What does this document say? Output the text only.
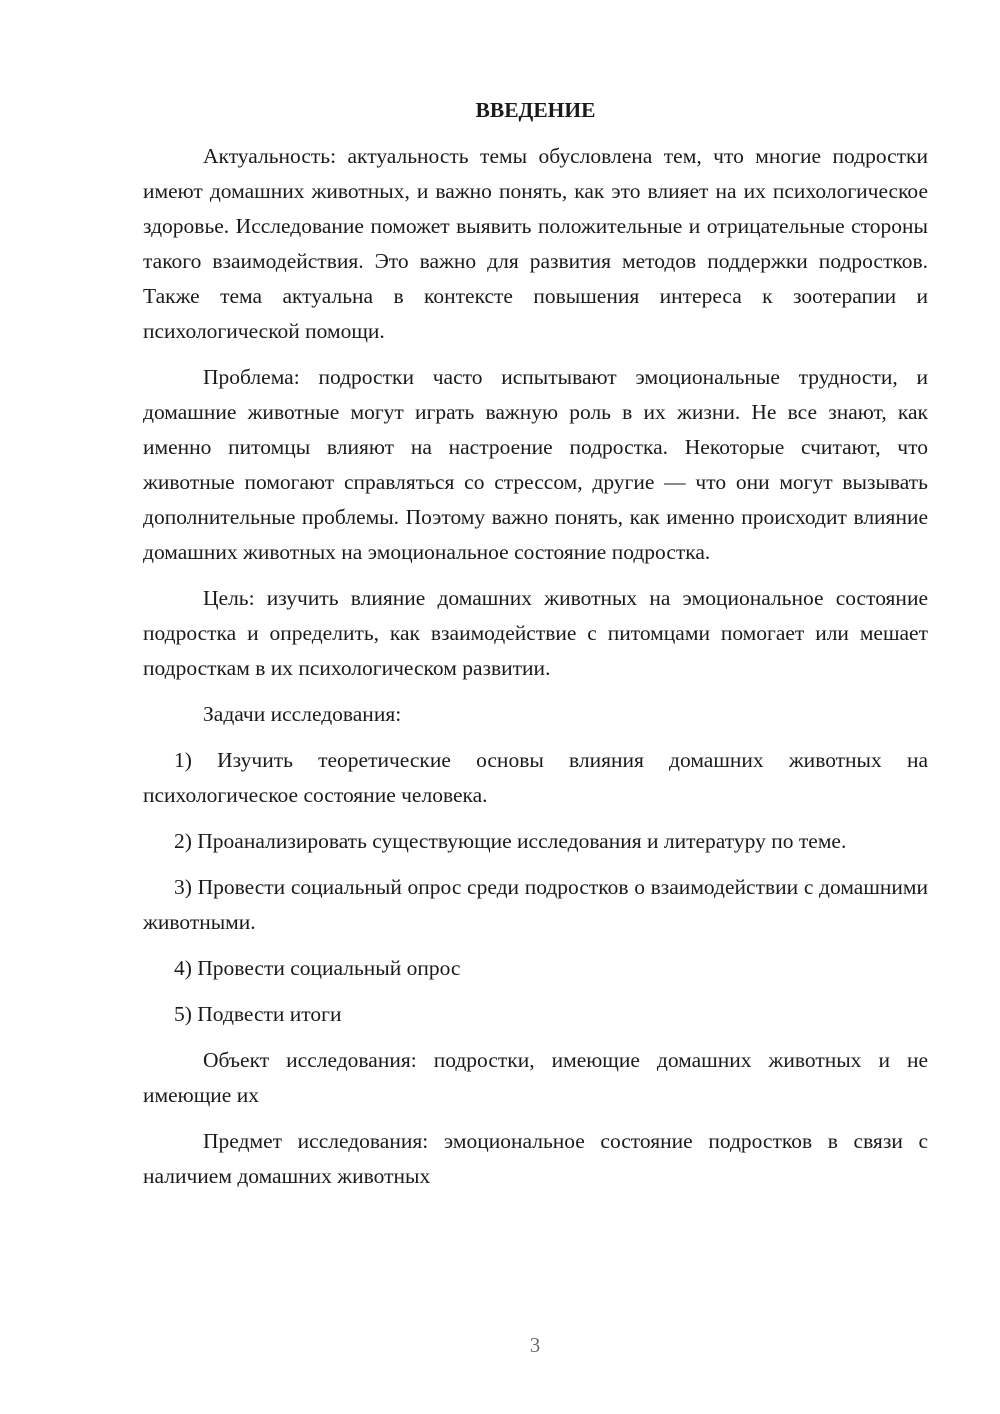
ВВЕДЕНИЕ

Актуальность: актуальность темы обусловлена тем, что многие подростки имеют домашних животных, и важно понять, как это влияет на их психологическое здоровье. Исследование поможет выявить положительные и отрицательные стороны такого взаимодействия. Это важно для развития методов поддержки подростков. Также тема актуальна в контексте повышения интереса к зоотерапии и психологической помощи.

Проблема: подростки часто испытывают эмоциональные трудности, и домашние животные могут играть важную роль в их жизни. Не все знают, как именно питомцы влияют на настроение подростка. Некоторые считают, что животные помогают справляться со стрессом, другие — что они могут вызывать дополнительные проблемы. Поэтому важно понять, как именно происходит влияние домашних животных на эмоциональное состояние подростка.

Цель: изучить влияние домашних животных на эмоциональное состояние подростка и определить, как взаимодействие с питомцами помогает или мешает подросткам в их психологическом развитии.

Задачи исследования:

1) Изучить теоретические основы влияния домашних животных на психологическое состояние человека.

2) Проанализировать существующие исследования и литературу по теме.

3) Провести социальный опрос среди подростков о взаимодействии с домашними животными.

4) Провести социальный опрос

5) Подвести итоги

Объект исследования: подростки, имеющие домашних животных и не имеющие их

Предмет исследования: эмоциональное состояние подростков в связи с наличием домашних животных

3
